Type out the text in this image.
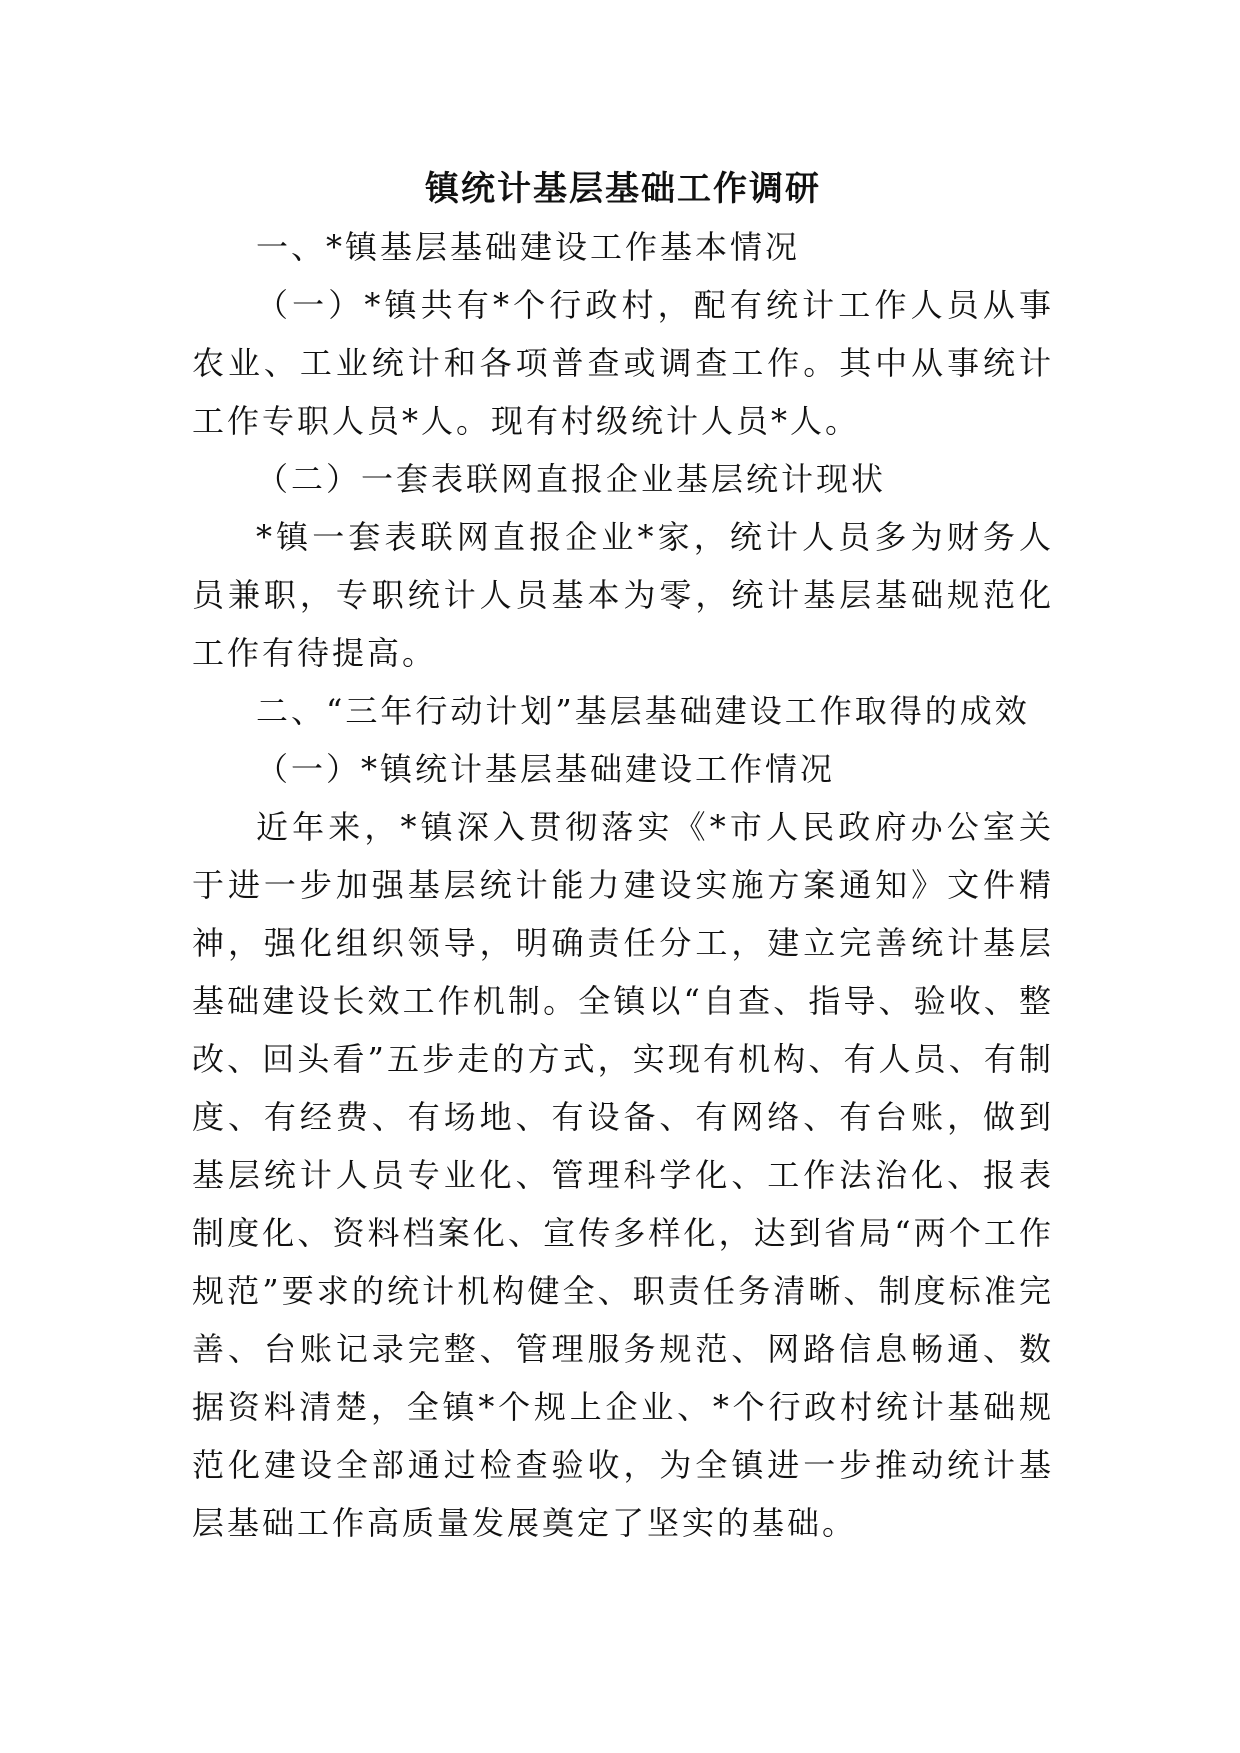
镇统计基层基础工作调研

一、*镇基层基础建设工作基本情况

（一）*镇共有*个行政村，配有统计工作人员从事农业、工业统计和各项普查或调查工作。其中从事统计工作专职人员*人。现有村级统计人员*人。

（二）一套表联网直报企业基层统计现状

*镇一套表联网直报企业*家，统计人员多为财务人员兼职，专职统计人员基本为零，统计基层基础规范化工作有待提高。

二、“三年行动计划”基层基础建设工作取得的成效

（一）*镇统计基层基础建设工作情况

近年来，*镇深入贯彻落实《*市人民政府办公室关于进一步加强基层统计能力建设实施方案通知》文件精神，强化组织领导，明确责任分工，建立完善统计基层基础建设长效工作机制。全镇以“自查、指导、验收、整改、回头看”五步走的方式，实现有机构、有人员、有制度、有经费、有场地、有设备、有网络、有台账，做到基层统计人员专业化、管理科学化、工作法治化、报表制度化、资料档案化、宣传多样化，达到省局“两个工作规范”要求的统计机构健全、职责任务清晰、制度标准完善、台账记录完整、管理服务规范、网路信息畅通、数据资料清楚，全镇*个规上企业、*个行政村统计基础规范化建设全部通过检查验收，为全镇进一步推动统计基层基础工作高质量发展奠定了坚实的基础。
